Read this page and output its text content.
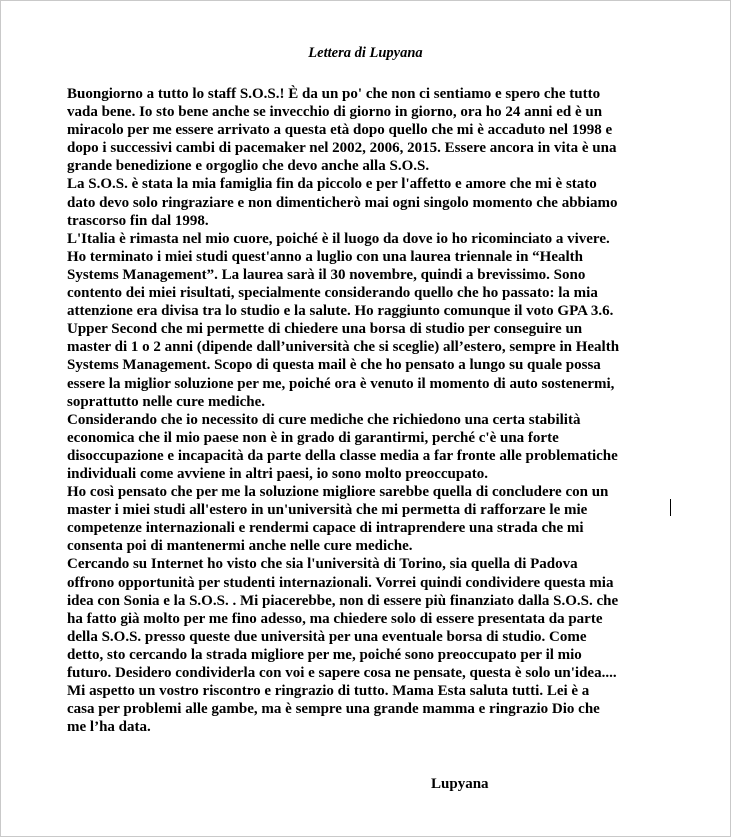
Lettera di Lupyana

Buongiorno a tutto lo staff S.O.S.! È da un po' che non ci sentiamo e spero che tutto

vada bene. Io sto bene anche se invecchio di giorno in giorno, ora ho 24 anni ed è un

miracolo per me essere arrivato a questa età dopo quello che mi è accaduto nel 1998 e

dopo i successivi cambi di pacemaker nel 2002, 2006, 2015. Essere ancora in vita è una

grande benedizione e orgoglio che devo anche alla S.O.S.

La S.O.S. è stata la mia famiglia fin da piccolo e per l'affetto e amore che mi è stato

dato devo solo ringraziare e non dimenticherò mai ogni singolo momento che abbiamo

trascorso fin dal 1998.

L'Italia è rimasta nel mio cuore, poiché è il luogo da dove io ho ricominciato a vivere.

Ho terminato i miei studi quest'anno a luglio con una laurea triennale in “Health

Systems Management”. La laurea sarà il 30 novembre, quindi a brevissimo. Sono

contento dei miei risultati, specialmente considerando quello che ho passato: la mia

attenzione era divisa tra lo studio e la salute. Ho raggiunto comunque il voto GPA 3.6.

Upper Second che mi permette di chiedere una borsa di studio per conseguire un

master di 1 o 2 anni (dipende dall’università che si sceglie) all’estero, sempre in Health

Systems Management. Scopo di questa mail è che ho pensato a lungo su quale possa

essere la miglior soluzione per me, poiché ora è venuto il momento di auto sostenermi,

soprattutto nelle cure mediche.

Considerando che io necessito di cure mediche che richiedono una certa stabilità

economica che il mio paese non è in grado di garantirmi, perché c'è una forte

disoccupazione e incapacità da parte della classe media a far fronte alle problematiche

individuali come avviene in altri paesi, io sono molto preoccupato.

Ho così pensato che per me la soluzione migliore sarebbe quella di concludere con un

master i miei studi all'estero in un'università che mi permetta di rafforzare le mie

competenze internazionali e rendermi capace di intraprendere una strada che mi

consenta poi di mantenermi anche nelle cure mediche.

Cercando su Internet ho visto che sia l'università di Torino, sia quella di Padova

offrono opportunità per studenti internazionali. Vorrei quindi condividere questa mia

idea con Sonia e la S.O.S. . Mi piacerebbe, non di essere più finanziato dalla S.O.S. che

ha fatto già molto per me fino adesso, ma chiedere solo di essere presentata da parte

della S.O.S. presso queste due università per una eventuale borsa di studio. Come

detto, sto cercando la strada migliore per me, poiché sono preoccupato per il mio

futuro. Desidero condividerla con voi e sapere cosa ne pensate, questa è solo un'idea....

Mi aspetto un vostro riscontro e ringrazio di tutto. Mama Esta saluta tutti. Lei è a

casa per problemi alle gambe, ma è sempre una grande mamma e ringrazio Dio che

me l’ha data.

Lupyana
